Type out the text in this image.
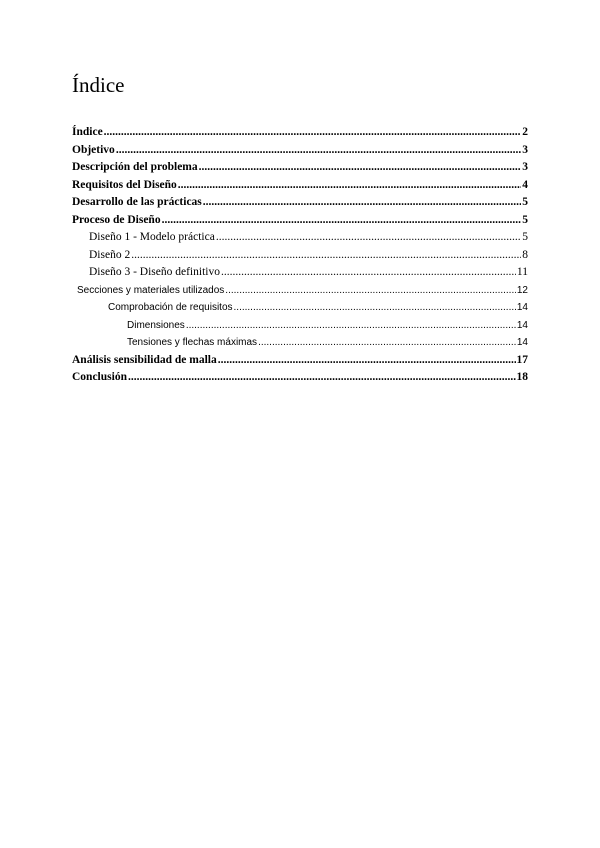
Índice
Índice .....	2
Objetivo .....	3
Descripción del problema .....	3
Requisitos del Diseño .....	4
Desarrollo de las prácticas .....	5
Proceso de Diseño .....	5
Diseño 1 - Modelo práctica .....	5
Diseño 2 .....	8
Diseño 3 - Diseño definitivo .....	11
Secciones y materiales utilizados .....	12
Comprobación de requisitos .....	14
Dimensiones .....	14
Tensiones y flechas máximas .....	14
Análisis sensibilidad de malla .....	17
Conclusión .....	18
